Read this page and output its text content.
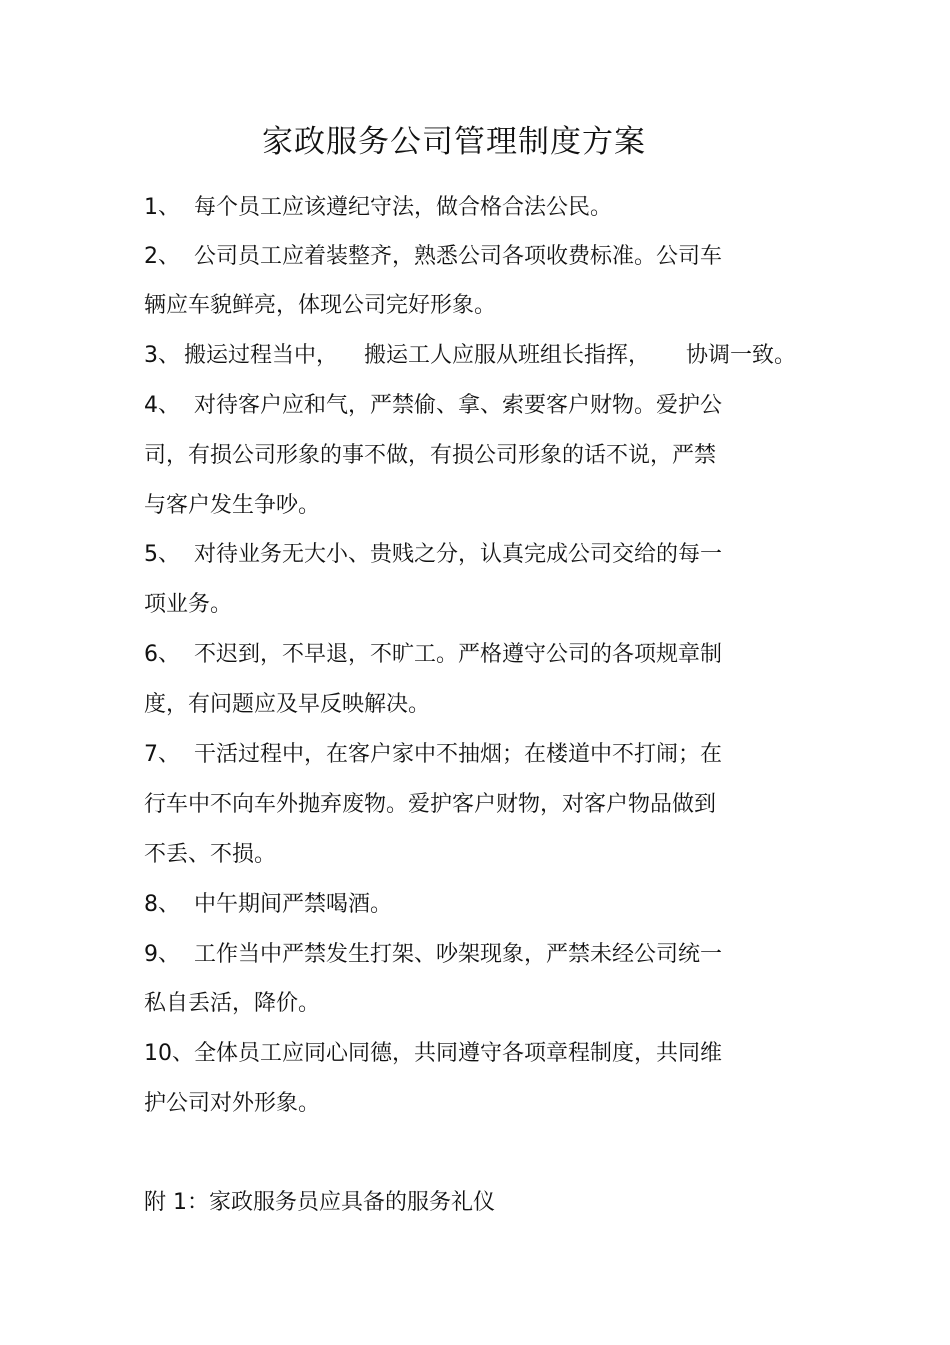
家政服务公司管理制度方案
1、 每个员工应该遵纪守法，做合格合法公民。
2、 公司员工应着装整齐，熟悉公司各项收费标准。公司车
辆应车貌鲜亮，体现公司完好形象。
3、 搬运过程当中， 搬运工人应服从班组长指挥， 协调一致。
4、 对待客户应和气，严禁偷、拿、索要客户财物。爱护公
司，有损公司形象的事不做，有损公司形象的话不说，严禁
与客户发生争吵。
5、 对待业务无大小、贵贱之分，认真完成公司交给的每一
项业务。
6、 不迟到，不早退，不旷工。严格遵守公司的各项规章制
度，有问题应及早反映解决。
7、 干活过程中，在客户家中不抽烟；在楼道中不打闹；在
行车中不向车外抛弃废物。爱护客户财物，对客户物品做到
不丢、不损。
8、 中午期间严禁喝酒。
9、 工作当中严禁发生打架、吵架现象，严禁未经公司统一
私自丢活，降价。
10、全体员工应同心同德，共同遵守各项章程制度，共同维
护公司对外形象。
附 1：家政服务员应具备的服务礼仪
